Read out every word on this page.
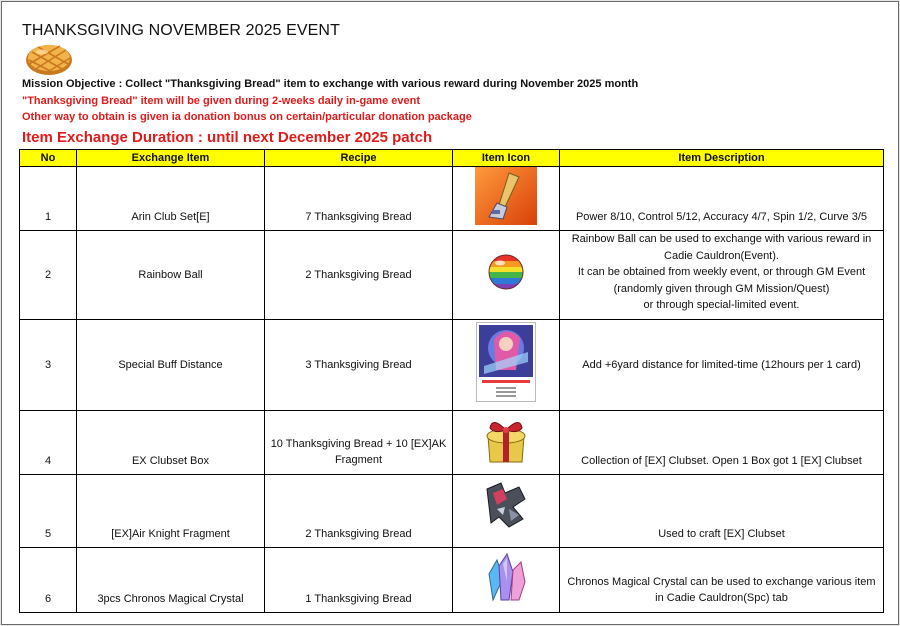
THANKSGIVING NOVEMBER 2025 EVENT
Mission Objective : Collect "Thanksgiving Bread" item to exchange with various reward during November 2025 month
"Thanksgiving Bread" item will be given during 2-weeks daily in-game event
Other way to obtain is given ia donation bonus on certain/particular donation package
Item Exchange Duration : until next December 2025 patch
No	Exchange Item	Recipe	Item Icon	Item Description
1	Arin Club Set[E]	7 Thanksgiving Bread		Power 8/10, Control 5/12, Accuracy 4/7, Spin 1/2, Curve 3/5
2	Rainbow Ball	2 Thanksgiving Bread		Rainbow Ball can be used to exchange with various reward in
Cadie Cauldron(Event).
It can be obtained from weekly event, or through GM Event
(randomly given through GM Mission/Quest)
or through special-limited event.

3	Special Buff Distance	3 Thanksgiving Bread		Add +6yard distance for limited-time (12hours per 1 card)
4	EX Clubset Box	10 Thanksgiving Bread + 10 [EX]AK
Fragment		Collection of [EX] Clubset. Open 1 Box got 1 [EX] Clubset
5	[EX]Air Knight Fragment	2 Thanksgiving Bread		Used to craft [EX] Clubset
6	3pcs Chronos Magical Crystal	1 Thanksgiving Bread		Chronos Magical Crystal can be used to exchange various item
in Cadie Cauldron(Spc) tab
